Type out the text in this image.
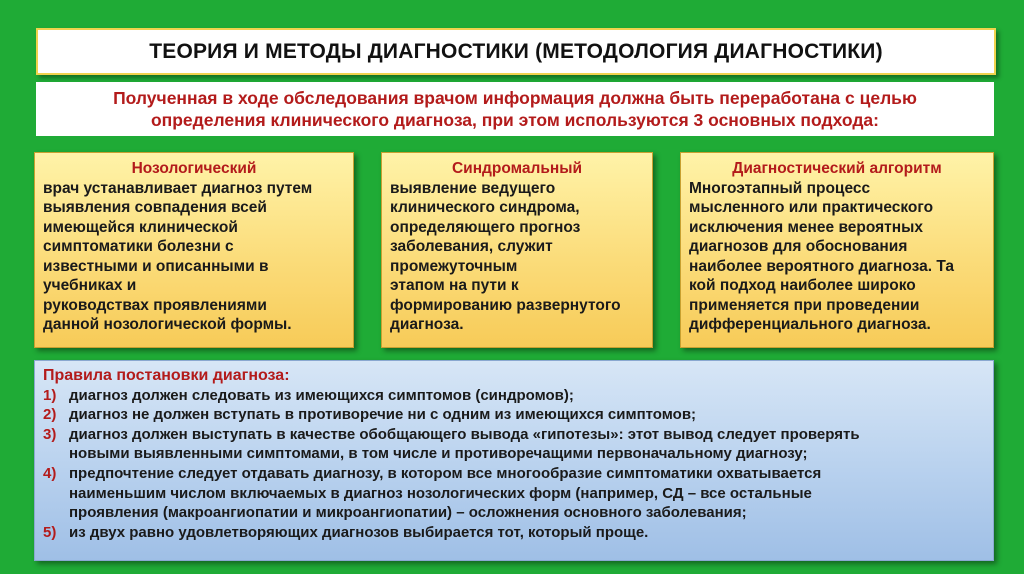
ТЕОРИЯ И МЕТОДЫ ДИАГНОСТИКИ (МЕТОДОЛОГИЯ ДИАГНОСТИКИ)
Полученная в ходе обследования врачом информация должна быть переработана с целью
определения клинического диагноза, при этом используются 3 основных подхода:
Нозологический
врач устанавливает диагноз путем
выявления совпадения всей
имеющейся клинической
симптоматики болезни с
известными и описанными в
учебниках и
руководствах проявлениями
данной нозологической формы.
Синдромальный
выявление ведущего
клинического синдрома,
определяющего прогноз
заболевания, служит
промежуточным
этапом на пути к
формированию развернутого
диагноза.
Диагностический алгоритм
Многоэтапный процесс
мысленного или практического
исключения менее вероятных
диагнозов для обоснования
наиболее вероятного диагноза. Та
кой подход наиболее широко
применяется при проведении
дифференциального диагноза.
Правила постановки диагноза:
1) диагноз должен следовать из имеющихся симптомов (синдромов);
2) диагноз не должен вступать в противоречие ни с одним из имеющихся симптомов;
3) диагноз должен выступать в качестве обобщающего вывода «гипотезы»: этот вывод следует проверять
новыми выявленными симптомами, в том числе и противоречащими первоначальному диагнозу;
4) предпочтение следует отдавать диагнозу, в котором все многообразие симптоматики охватывается
наименьшим числом включаемых в диагноз нозологических форм (например, СД – все остальные
проявления (макроангиопатии и микроангиопатии) – осложнения основного заболевания;
5) из двух равно удовлетворяющих диагнозов выбирается тот, который проще.
